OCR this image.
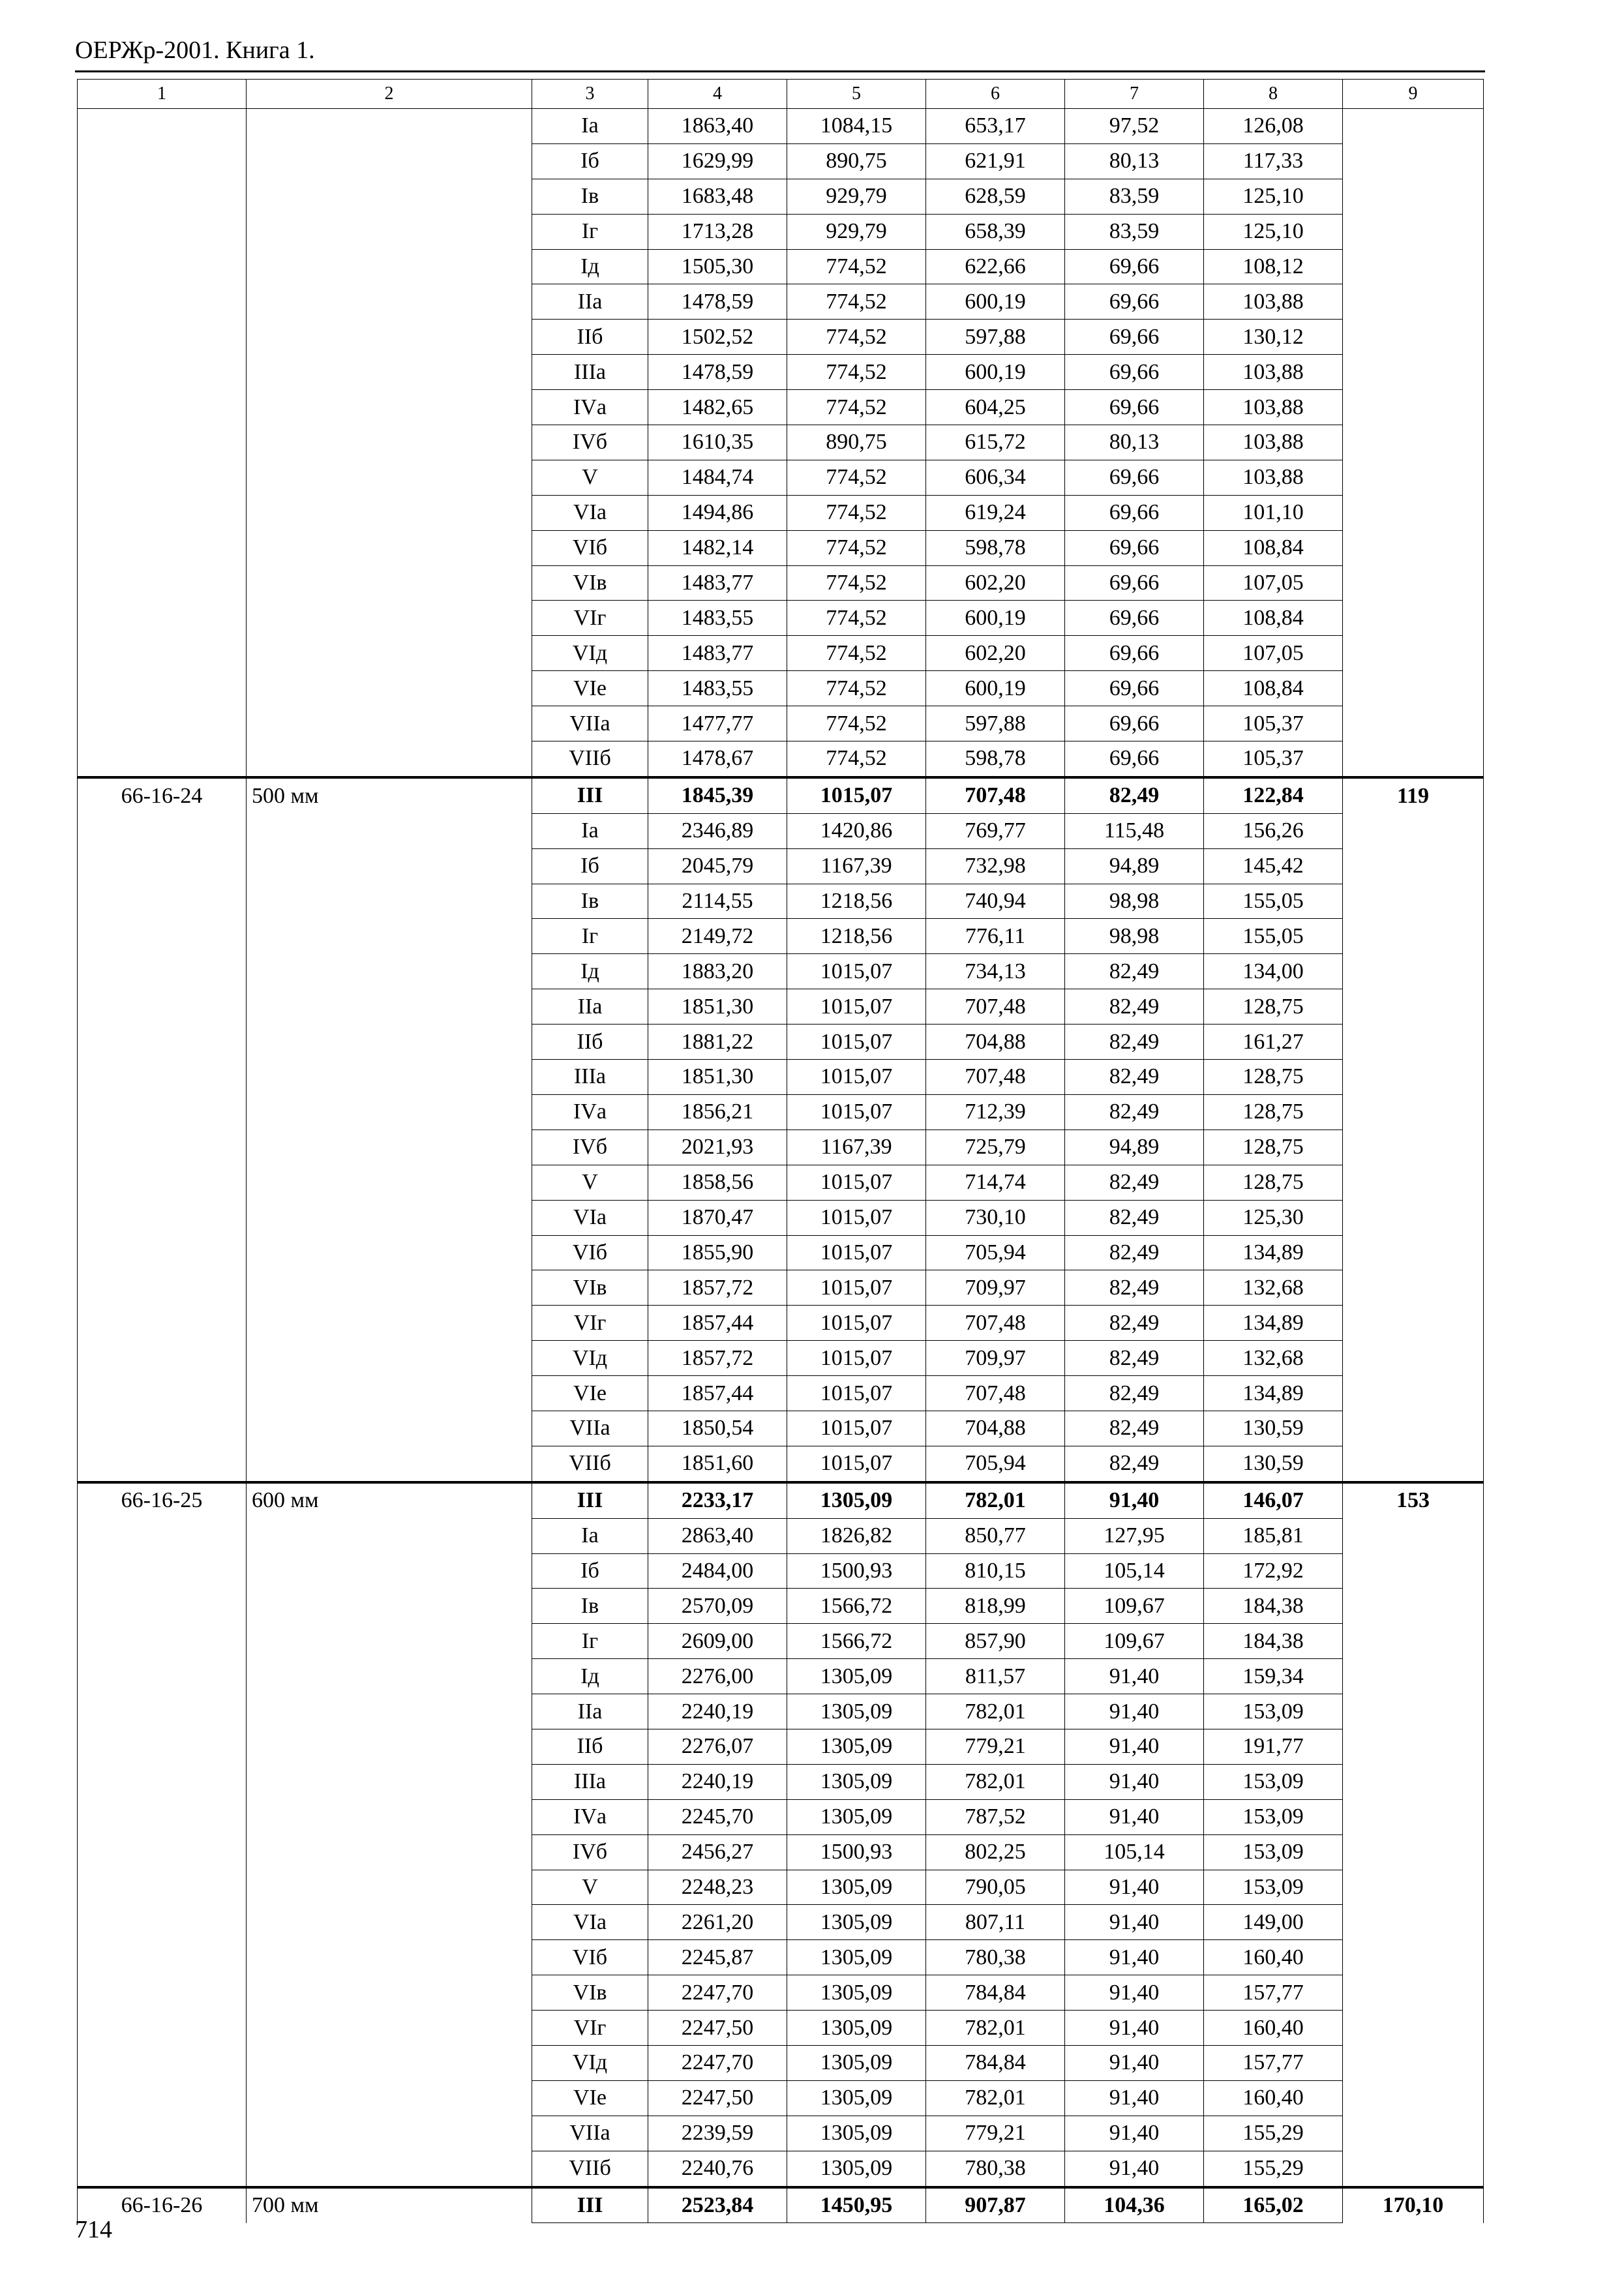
ОЕРЖр-2001. Книга 1.
1	2	3	4	5	6	7	8	9
		Iа	1863,40	1084,15	653,17	97,52	126,08	
		Iб	1629,99	890,75	621,91	80,13	117,33	
		Iв	1683,48	929,79	628,59	83,59	125,10	
		Iг	1713,28	929,79	658,39	83,59	125,10	
		Iд	1505,30	774,52	622,66	69,66	108,12	
		IIа	1478,59	774,52	600,19	69,66	103,88	
		IIб	1502,52	774,52	597,88	69,66	130,12	
		IIIа	1478,59	774,52	600,19	69,66	103,88	
		IVа	1482,65	774,52	604,25	69,66	103,88	
		IVб	1610,35	890,75	615,72	80,13	103,88	
		V	1484,74	774,52	606,34	69,66	103,88	
		VIа	1494,86	774,52	619,24	69,66	101,10	
		VIб	1482,14	774,52	598,78	69,66	108,84	
		VIв	1483,77	774,52	602,20	69,66	107,05	
		VIг	1483,55	774,52	600,19	69,66	108,84	
		VIд	1483,77	774,52	602,20	69,66	107,05	
		VIе	1483,55	774,52	600,19	69,66	108,84	
		VIIа	1477,77	774,52	597,88	69,66	105,37	
		VIIб	1478,67	774,52	598,78	69,66	105,37	
66-16-24	500 мм	III	1845,39	1015,07	707,48	82,49	122,84	119
		Iа	2346,89	1420,86	769,77	115,48	156,26	
		Iб	2045,79	1167,39	732,98	94,89	145,42	
		Iв	2114,55	1218,56	740,94	98,98	155,05	
		Iг	2149,72	1218,56	776,11	98,98	155,05	
		Iд	1883,20	1015,07	734,13	82,49	134,00	
		IIа	1851,30	1015,07	707,48	82,49	128,75	
		IIб	1881,22	1015,07	704,88	82,49	161,27	
		IIIа	1851,30	1015,07	707,48	82,49	128,75	
		IVа	1856,21	1015,07	712,39	82,49	128,75	
		IVб	2021,93	1167,39	725,79	94,89	128,75	
		V	1858,56	1015,07	714,74	82,49	128,75	
		VIа	1870,47	1015,07	730,10	82,49	125,30	
		VIб	1855,90	1015,07	705,94	82,49	134,89	
		VIв	1857,72	1015,07	709,97	82,49	132,68	
		VIг	1857,44	1015,07	707,48	82,49	134,89	
		VIд	1857,72	1015,07	709,97	82,49	132,68	
		VIе	1857,44	1015,07	707,48	82,49	134,89	
		VIIа	1850,54	1015,07	704,88	82,49	130,59	
		VIIб	1851,60	1015,07	705,94	82,49	130,59	
66-16-25	600 мм	III	2233,17	1305,09	782,01	91,40	146,07	153
		Iа	2863,40	1826,82	850,77	127,95	185,81	
		Iб	2484,00	1500,93	810,15	105,14	172,92	
		Iв	2570,09	1566,72	818,99	109,67	184,38	
		Iг	2609,00	1566,72	857,90	109,67	184,38	
		Iд	2276,00	1305,09	811,57	91,40	159,34	
		IIа	2240,19	1305,09	782,01	91,40	153,09	
		IIб	2276,07	1305,09	779,21	91,40	191,77	
		IIIа	2240,19	1305,09	782,01	91,40	153,09	
		IVа	2245,70	1305,09	787,52	91,40	153,09	
		IVб	2456,27	1500,93	802,25	105,14	153,09	
		V	2248,23	1305,09	790,05	91,40	153,09	
		VIа	2261,20	1305,09	807,11	91,40	149,00	
		VIб	2245,87	1305,09	780,38	91,40	160,40	
		VIв	2247,70	1305,09	784,84	91,40	157,77	
		VIг	2247,50	1305,09	782,01	91,40	160,40	
		VIд	2247,70	1305,09	784,84	91,40	157,77	
		VIе	2247,50	1305,09	782,01	91,40	160,40	
		VIIа	2239,59	1305,09	779,21	91,40	155,29	
		VIIб	2240,76	1305,09	780,38	91,40	155,29	
66-16-26	700 мм	III	2523,84	1450,95	907,87	104,36	165,02	170,10
714
